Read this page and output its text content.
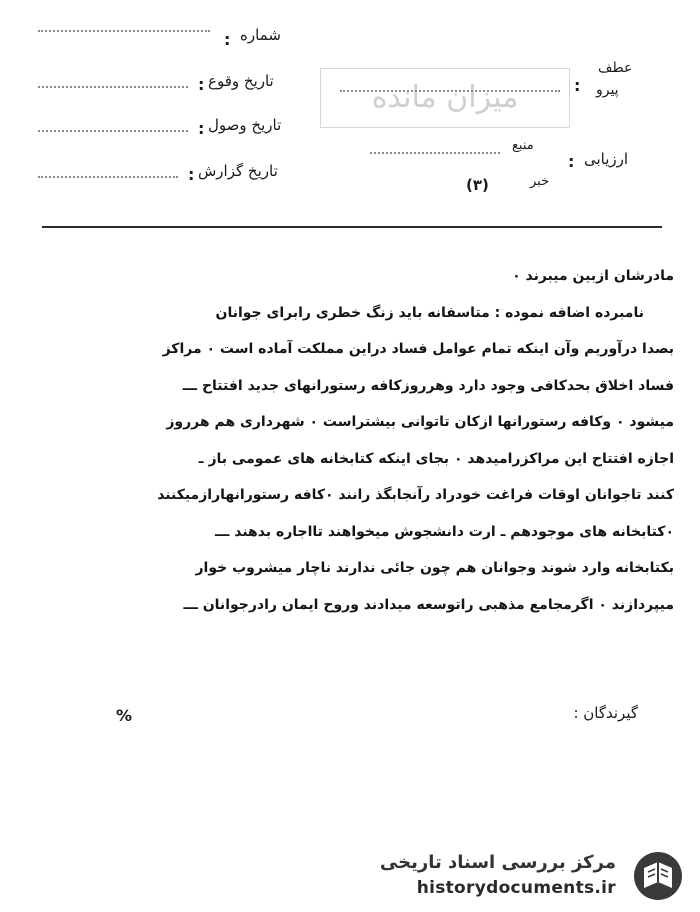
: شماره
: تاریخ وقوع
: تاریخ وصول
: تاریخ گزارش
میزان مانده	:
عطف
پیرو
منبع
خبر
(۳)
: ارزیابی

مادرشان ازبین میبرند ۰

نامبرده اضافه نموده : متاسفانه باید زنگ خطری رابرای جوانان

بصدا درآوریم وآن اینکه تمام عوامل فساد دراین مملکت آماده است ۰ مراکز

فساد اخلاق بحدکافی وجود دارد وهرروزکافه رستورانهای جدید افتتاح ـــ

میشود ۰ وکافه رستورانها ازکان تاتوانی بیشتراست ۰ شهرداری هم هرروز

اجازه افتتاح این مراکزرامیدهد ۰ بجای اینکه کتابخانه های عمومی باز ـ

کنند تاجوانان اوقات فراغت خودراد رآنجابگذ رانند ۰کافه رستورانهارازمیکنند

۰کتابخانه های موجودهم ـ ارت دانشجوش میخواهند تااجاره بدهند ـــ

بکتابخانه وارد شوند وجوانان هم چون جائی ندارند ناچار میشروب خوار

میپردازند ۰ اگرمجامع مذهبی راتوسعه میدادند وروح ایمان رادرجوانان ـــ

گیرندگان :
%
مرکز بررسی اسناد تاریخی
historydocuments.ir
